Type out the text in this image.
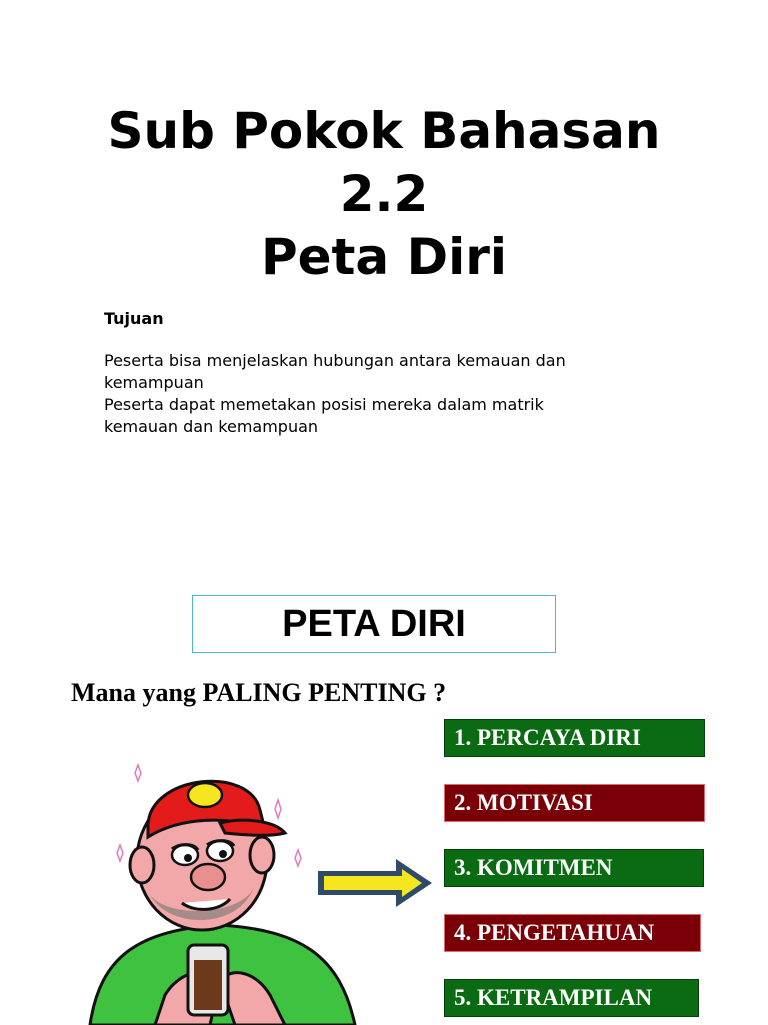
Sub Pokok Bahasan
2.2
Peta Diri
Tujuan
Peserta bisa menjelaskan hubungan antara kemauan dan
kemampuan
Peserta dapat memetakan posisi mereka dalam matrik
kemauan dan kemampuan
PETA DIRI
Mana yang PALING PENTING ?
1. PERCAYA DIRI
2. MOTIVASI
3. KOMITMEN
4. PENGETAHUAN
5. KETRAMPILAN
